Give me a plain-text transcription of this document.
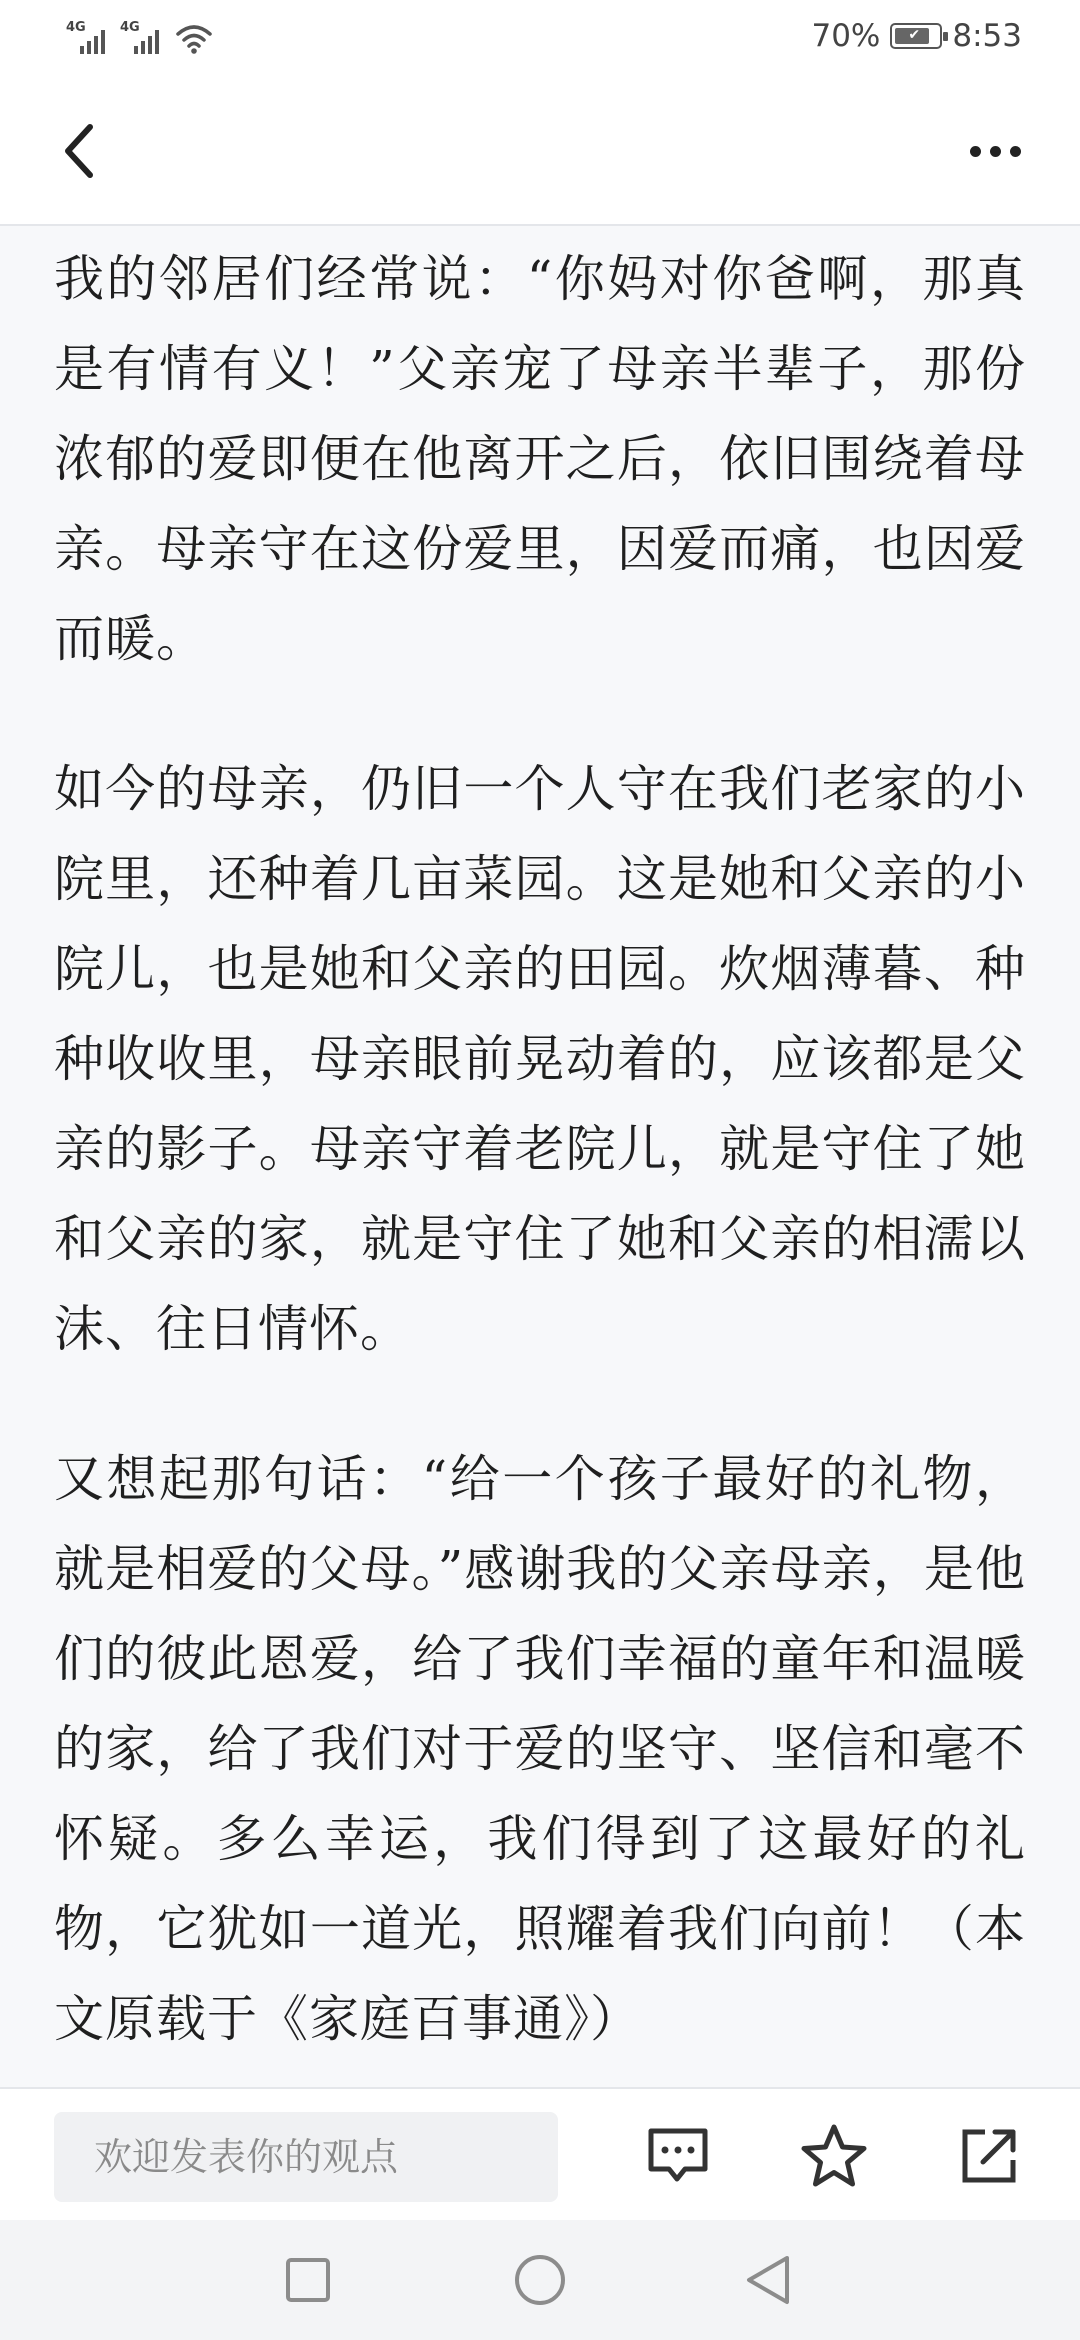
4G	4G	70% ✔ 8:53

我的邻居们经常说：“你妈对你爸啊，那真是有情有义！”父亲宠了母亲半辈子，那份浓郁的爱即便在他离开之后，依旧围绕着母亲。母亲守在这份爱里，因爱而痛，也因爱而暖。

如今的母亲，仍旧一个人守在我们老家的小院里，还种着几亩菜园。这是她和父亲的小院儿，也是她和父亲的田园。炊烟薄暮、种种收收里，母亲眼前晃动着的，应该都是父亲的影子。母亲守着老院儿，就是守住了她和父亲的家，就是守住了她和父亲的相濡以沫、往日情怀。

又想起那句话：“给一个孩子最好的礼物，就是相爱的父母。”感谢我的父亲母亲，是他们的彼此恩爱，给了我们幸福的童年和温暖的家，给了我们对于爱的坚守、坚信和毫不怀疑。多么幸运，我们得到了这最好的礼物，它犹如一道光，照耀着我们向前！（本文原载于《家庭百事通》）

欢迎发表你的观点
